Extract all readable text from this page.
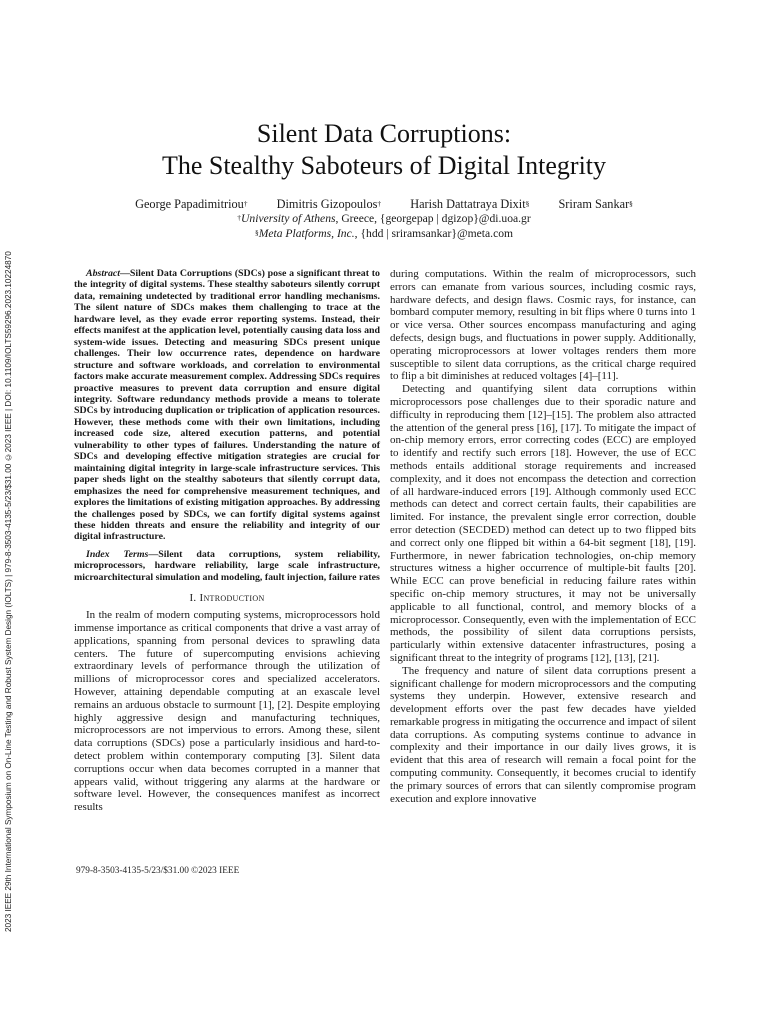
2023 IEEE 29th International Symposium on On-Line Testing and Robust System Design (IOLTS) | 979-8-3503-4135-5/23/$31.00 ©2023 IEEE | DOI: 10.1109/IOLTS59296.2023.10224870
Silent Data Corruptions:
The Stealthy Saboteurs of Digital Integrity
George Papadimitriou† Dimitris Gizopoulos† Harish Dattatraya Dixit§ Sriram Sankar§
†University of Athens, Greece, {georgepap | dgizop}@di.uoa.gr
§Meta Platforms, Inc., {hdd | sriramsankar}@meta.com

Abstract—Silent Data Corruptions (SDCs) pose a significant threat to the integrity of digital systems. These stealthy saboteurs silently corrupt data, remaining undetected by traditional error handling mechanisms. The silent nature of SDCs makes them challenging to trace at the hardware level, as they evade error reporting systems. Instead, their effects manifest at the application level, potentially causing data loss and system-wide issues. Detecting and measuring SDCs present unique challenges. Their low occurrence rates, dependence on hardware structure and software workloads, and correlation to environmental factors make accurate measurement complex. Addressing SDCs requires proactive measures to prevent data corruption and ensure digital integrity. Software redundancy methods provide a means to tolerate SDCs by introducing duplication or triplication of application resources. However, these methods come with their own limitations, including increased code size, altered execution patterns, and potential vulnerability to other types of failures. Understanding the nature of SDCs and developing effective mitigation strategies are crucial for maintaining digital integrity in large-scale infrastructure services. This paper sheds light on the stealthy saboteurs that silently corrupt data, emphasizes the need for comprehensive measurement techniques, and explores the limitations of existing mitigation approaches. By addressing the challenges posed by SDCs, we can fortify digital systems against these hidden threats and ensure the reliability and integrity of our digital infrastructure.

Index Terms—Silent data corruptions, system reliability, microprocessors, hardware reliability, large scale infrastructure, microarchitectural simulation and modeling, fault injection, failure rates

I. Introduction

In the realm of modern computing systems, microprocessors hold immense importance as critical components that drive a vast array of applications, spanning from personal devices to sprawling data centers. The future of supercomputing envisions achieving extraordinary levels of performance through the utilization of millions of microprocessor cores and specialized accelerators. However, attaining dependable computing at an exascale level remains an arduous obstacle to surmount [1], [2]. Despite employing highly aggressive design and manufacturing techniques, microprocessors are not impervious to errors. Among these, silent data corruptions (SDCs) pose a particularly insidious and hard-to-detect problem within contemporary computing [3]. Silent data corruptions occur when data becomes corrupted in a manner that appears valid, without triggering any alarms at the hardware or software level. However, the consequences manifest as incorrect results

during computations. Within the realm of microprocessors, such errors can emanate from various sources, including cosmic rays, hardware defects, and design flaws. Cosmic rays, for instance, can bombard computer memory, resulting in bit flips where 0 turns into 1 or vice versa. Other sources encompass manufacturing and aging defects, design bugs, and fluctuations in power supply. Additionally, operating microprocessors at lower voltages renders them more susceptible to silent data corruptions, as the critical charge required to flip a bit diminishes at reduced voltages [4]–[11].

Detecting and quantifying silent data corruptions within microprocessors pose challenges due to their sporadic nature and difficulty in reproducing them [12]–[15]. The problem also attracted the attention of the general press [16], [17]. To mitigate the impact of on-chip memory errors, error correcting codes (ECC) are employed to identify and rectify such errors [18]. However, the use of ECC methods entails additional storage requirements and increased complexity, and it does not encompass the detection and correction of all hardware-induced errors [19]. Although commonly used ECC methods can detect and correct certain faults, their capabilities are limited. For instance, the prevalent single error correction, double error detection (SECDED) method can detect up to two flipped bits and correct only one flipped bit within a 64-bit segment [18], [19]. Furthermore, in newer fabrication technologies, on-chip memory structures witness a higher occurrence of multiple-bit faults [20]. While ECC can prove beneficial in reducing failure rates within specific on-chip memory structures, it may not be universally applicable to all functional, control, and memory blocks of a microprocessor. Consequently, even with the implementation of ECC methods, the possibility of silent data corruptions persists, particularly within extensive datacenter infrastructures, posing a significant threat to the integrity of programs [12], [13], [21].

The frequency and nature of silent data corruptions present a significant challenge for modern microprocessors and the computing systems they underpin. However, extensive research and development efforts over the past few decades have yielded remarkable progress in mitigating the occurrence and impact of silent data corruptions. As computing systems continue to advance in complexity and their importance in our daily lives grows, it is evident that this area of research will remain a focal point for the computing community. Consequently, it becomes crucial to identify the primary sources of errors that can silently compromise program execution and explore innovative

979-8-3503-4135-5/23/$31.00 ©2023 IEEE
